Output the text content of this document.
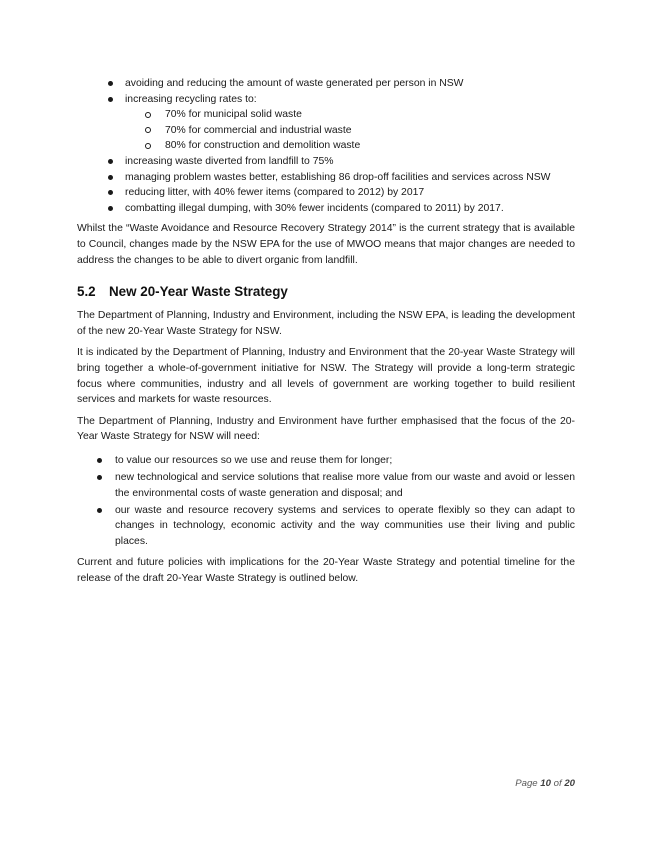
avoiding and reducing the amount of waste generated per person in NSW
increasing recycling rates to:
70% for municipal solid waste
70% for commercial and industrial waste
80% for construction and demolition waste
increasing waste diverted from landfill to 75%
managing problem wastes better, establishing 86 drop-off facilities and services across NSW
reducing litter, with 40% fewer items (compared to 2012) by 2017
combatting illegal dumping, with 30% fewer incidents (compared to 2011) by 2017.

Whilst the “Waste Avoidance and Resource Recovery Strategy 2014” is the current strategy that is available to Council, changes made by the NSW EPA for the use of MWOO means that major changes are needed to address the changes to be able to divert organic from landfill.

5.2 New 20-Year Waste Strategy

The Department of Planning, Industry and Environment, including the NSW EPA, is leading the development of the new 20-Year Waste Strategy for NSW.

It is indicated by the Department of Planning, Industry and Environment that the 20-year Waste Strategy will bring together a whole-of-government initiative for NSW. The Strategy will provide a long-term strategic focus where communities, industry and all levels of government are working together to build resilient services and markets for waste resources.

The Department of Planning, Industry and Environment have further emphasised that the focus of the 20-Year Waste Strategy for NSW will need:

to value our resources so we use and reuse them for longer;

new technological and service solutions that realise more value from our waste and avoid or lessen the environmental costs of waste generation and disposal; and

our waste and resource recovery systems and services to operate flexibly so they can adapt to changes in technology, economic activity and the way communities use their living and public places.

Current and future policies with implications for the 20-Year Waste Strategy and potential timeline for the release of the draft 20-Year Waste Strategy is outlined below.

Page 10 of 20
